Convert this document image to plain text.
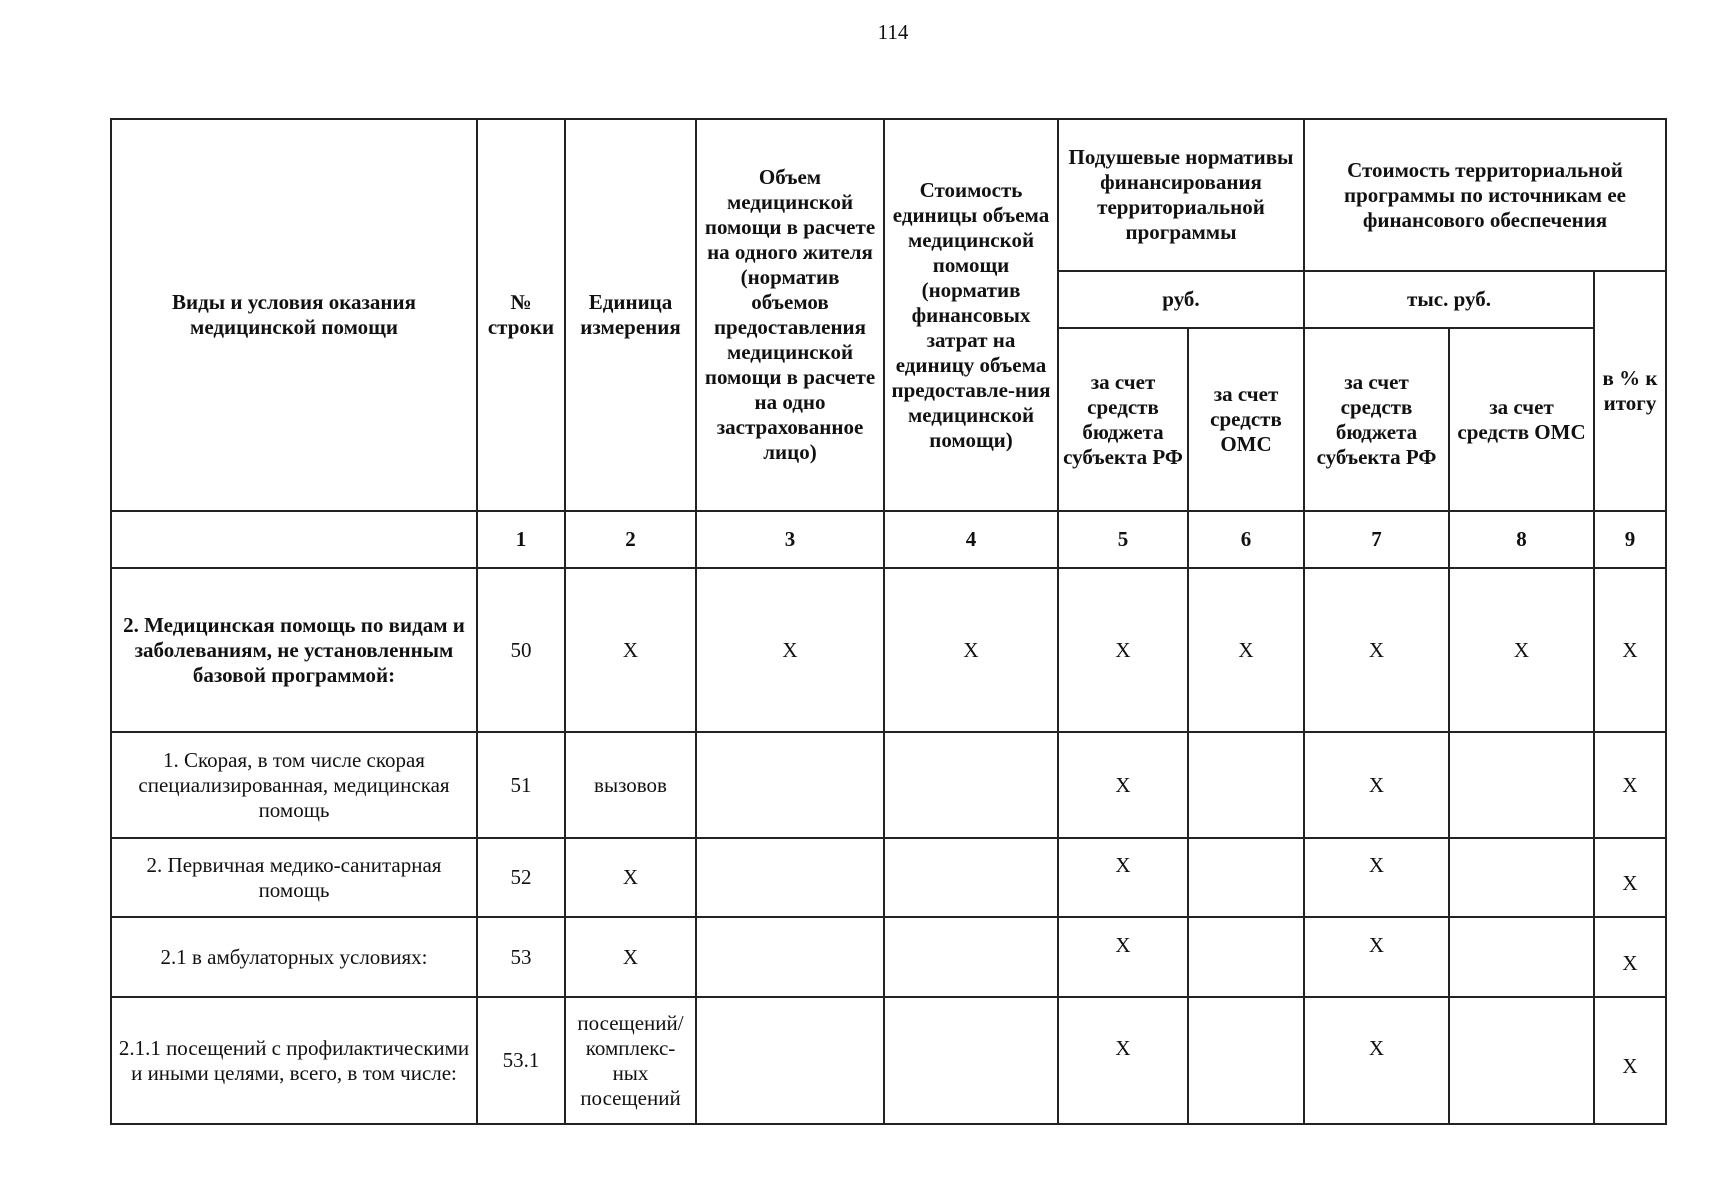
114
Виды и условия оказания медицинской помощи	№ строки	Единица измерения	Объем медицинской помощи в расчете на одного жителя (норматив объемов предоставления медицинской помощи в расчете на одно застрахованное лицо)	Стоимость единицы объема медицинской помощи (норматив финансовых затрат на единицу объема предоставле-ния медицинской помощи)	Подушевые нормативы финансирования территориальной программы		Стоимость территориальной программы по источникам ее финансового обеспечения		
					руб.		тыс. руб.		в % к итогу
					за счет средств бюджета субъекта РФ	за счет средств ОМС	за счет средств бюджета субъекта РФ	за счет средств ОМС	
	1	2	3	4	5	6	7	8	9
2. Медицинская помощь по видам и заболеваниям, не установленным базовой программой:	50	X	X	X	X	X	X	X	X
1. Скорая, в том числе скорая специализированная, медицинская помощь	51	вызовов			X		X		X
2. Первичная медико-санитарная помощь	52	X			X		X		X
2.1 в амбулаторных условиях:	53	X			X		X		X
2.1.1 посещений с профилактическими и иными целями, всего, в том числе:	53.1	посещений/ комплекс-ных посещений			X		X		X
